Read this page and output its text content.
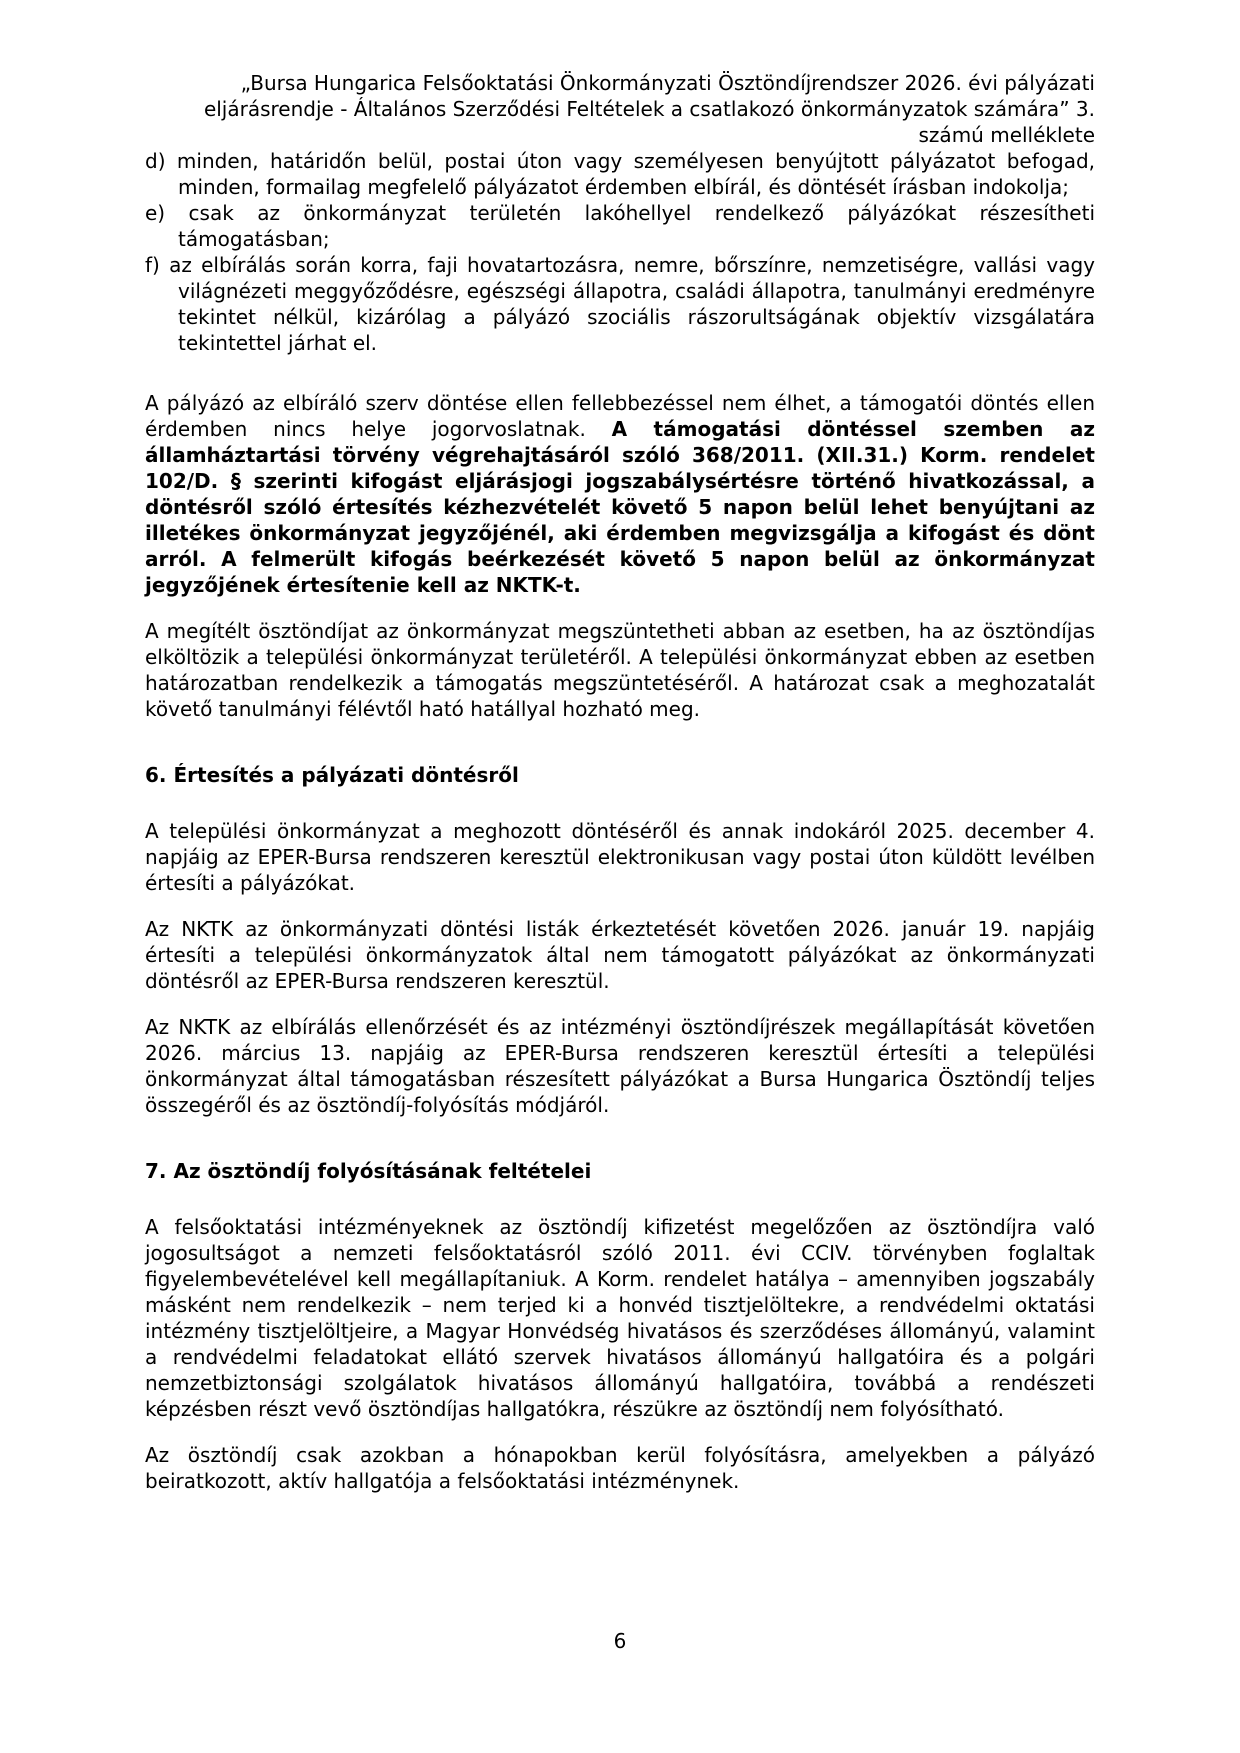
„Bursa Hungarica Felsőoktatási Önkormányzati Ösztöndíjrendszer 2026. évi pályázati eljárásrendje - Általános Szerződési Feltételek a csatlakozó önkormányzatok számára” 3. számú melléklete

d) minden, határidőn belül, postai úton vagy személyesen benyújtott pályázatot befogad, minden, formailag megfelelő pályázatot érdemben elbírál, és döntését írásban indokolja;

e) csak az önkormányzat területén lakóhellyel rendelkező pályázókat részesítheti támogatásban;

f) az elbírálás során korra, faji hovatartozásra, nemre, bőrszínre, nemzetiségre, vallási vagy világnézeti meggyőződésre, egészségi állapotra, családi állapotra, tanulmányi eredményre tekintet nélkül, kizárólag a pályázó szociális rászorultságának objektív vizsgálatára tekintettel járhat el.

A pályázó az elbíráló szerv döntése ellen fellebbezéssel nem élhet, a támogatói döntés ellen érdemben nincs helye jogorvoslatnak. A támogatási döntéssel szemben az államháztartási törvény végrehajtásáról szóló 368/2011. (XII.31.) Korm. rendelet 102/D. § szerinti kifogást eljárásjogi jogszabálysértésre történő hivatkozással, a döntésről szóló értesítés kézhezvételét követő 5 napon belül lehet benyújtani az illetékes önkormányzat jegyzőjénél, aki érdemben megvizsgálja a kifogást és dönt arról. A felmerült kifogás beérkezését követő 5 napon belül az önkormányzat jegyzőjének értesítenie kell az NKTK-t.

A megítélt ösztöndíjat az önkormányzat megszüntetheti abban az esetben, ha az ösztöndíjas elköltözik a települési önkormányzat területéről. A települési önkormányzat ebben az esetben határozatban rendelkezik a támogatás megszüntetéséről. A határozat csak a meghozatalát követő tanulmányi félévtől ható hatállyal hozható meg.

6. Értesítés a pályázati döntésről

A települési önkormányzat a meghozott döntéséről és annak indokáról 2025. december 4. napjáig az EPER-Bursa rendszeren keresztül elektronikusan vagy postai úton küldött levélben értesíti a pályázókat.

Az NKTK az önkormányzati döntési listák érkeztetését követően 2026. január 19. napjáig értesíti a települési önkormányzatok által nem támogatott pályázókat az önkormányzati döntésről az EPER-Bursa rendszeren keresztül.

Az NKTK az elbírálás ellenőrzését és az intézményi ösztöndíjrészek megállapítását követően 2026. március 13. napjáig az EPER-Bursa rendszeren keresztül értesíti a települési önkormányzat által támogatásban részesített pályázókat a Bursa Hungarica Ösztöndíj teljes összegéről és az ösztöndíj-folyósítás módjáról.

7. Az ösztöndíj folyósításának feltételei

A felsőoktatási intézményeknek az ösztöndíj kifizetést megelőzően az ösztöndíjra való jogosultságot a nemzeti felsőoktatásról szóló 2011. évi CCIV. törvényben foglaltak figyelembevételével kell megállapítaniuk. A Korm. rendelet hatálya – amennyiben jogszabály másként nem rendelkezik – nem terjed ki a honvéd tisztjelöltekre, a rendvédelmi oktatási intézmény tisztjelöltjeire, a Magyar Honvédség hivatásos és szerződéses állományú, valamint a rendvédelmi feladatokat ellátó szervek hivatásos állományú hallgatóira és a polgári nemzetbiztonsági szolgálatok hivatásos állományú hallgatóira, továbbá a rendészeti képzésben részt vevő ösztöndíjas hallgatókra, részükre az ösztöndíj nem folyósítható.

Az ösztöndíj csak azokban a hónapokban kerül folyósításra, amelyekben a pályázó beiratkozott, aktív hallgatója a felsőoktatási intézménynek.

6
